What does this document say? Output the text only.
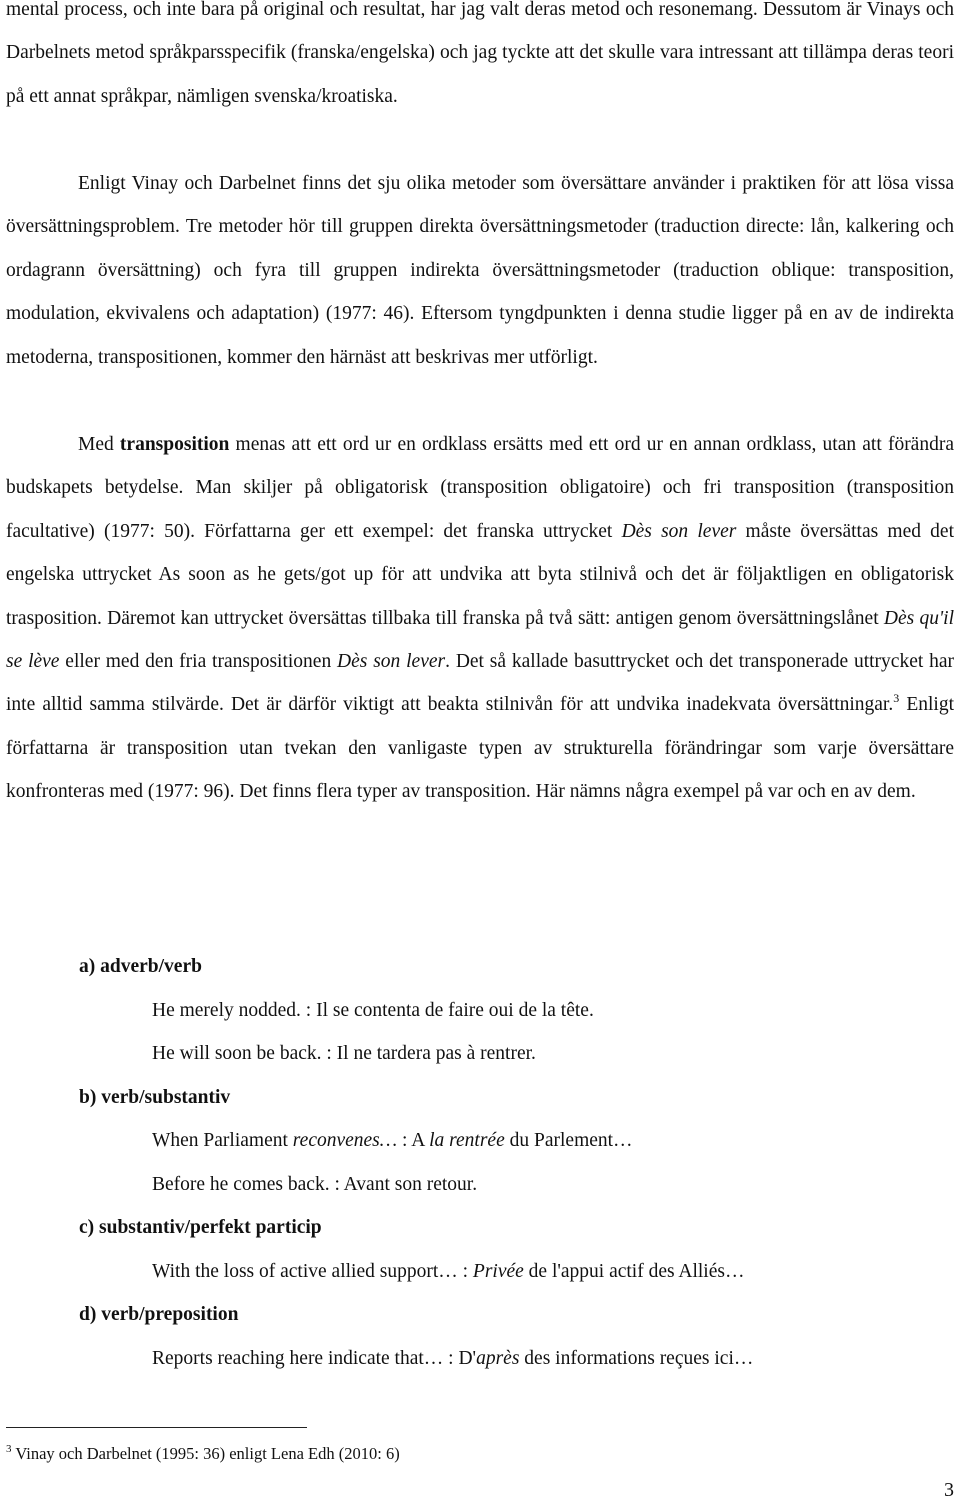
mental process, och inte bara på original och resultat, har jag valt deras metod och resonemang. Dessutom är Vinays och Darbelnets metod språkparsspecifik (franska/engelska) och jag tyckte att det skulle vara intressant att tillämpa deras teori på ett annat språkpar, nämligen svenska/kroatiska.

Enligt Vinay och Darbelnet finns det sju olika metoder som översättare använder i praktiken för att lösa vissa översättningsproblem. Tre metoder hör till gruppen direkta översättningsmetoder (traduction directe: lån, kalkering och ordagrann översättning) och fyra till gruppen indirekta översättningsmetoder (traduction oblique: transposition, modulation, ekvivalens och adaptation) (1977: 46). Eftersom tyngdpunkten i denna studie ligger på en av de indirekta metoderna, transpositionen, kommer den härnäst att beskrivas mer utförligt.

Med transposition menas att ett ord ur en ordklass ersätts med ett ord ur en annan ordklass, utan att förändra budskapets betydelse. Man skiljer på obligatorisk (transposition obligatoire) och fri transposition (transposition facultative) (1977: 50). Författarna ger ett exempel: det franska uttrycket Dès son lever måste översättas med det engelska uttrycket As soon as he gets/got up för att undvika att byta stilnivå och det är följaktligen en obligatorisk trasposition. Däremot kan uttrycket översättas tillbaka till franska på två sätt: antigen genom översättningslånet Dès qu'il se lève eller med den fria transpositionen Dès son lever. Det så kallade basuttrycket och det transponerade uttrycket har inte alltid samma stilvärde. Det är därför viktigt att beakta stilnivån för att undvika inadekvata översättningar.$^3$ Enligt författarna är transposition utan tvekan den vanligaste typen av strukturella förändringar som varje översättare konfronteras med (1977: 96). Det finns flera typer av transposition. Här nämns några exempel på var och en av dem.

a) adverb/verb

He merely nodded. : Il se contenta de faire oui de la tête.

He will soon be back. : Il ne tardera pas à rentrer.

b) verb/substantiv

When Parliament reconvenes… : A la rentrée du Parlement…

Before he comes back. : Avant son retour.

c) substantiv/perfekt particip

With the loss of active allied support… : Privée de l'appui actif des Alliés…

d) verb/preposition

Reports reaching here indicate that… : D'après des informations reçues ici…

$^3$ Vinay och Darbelnet (1995: 36) enligt Lena Edh (2010: 6)

3
